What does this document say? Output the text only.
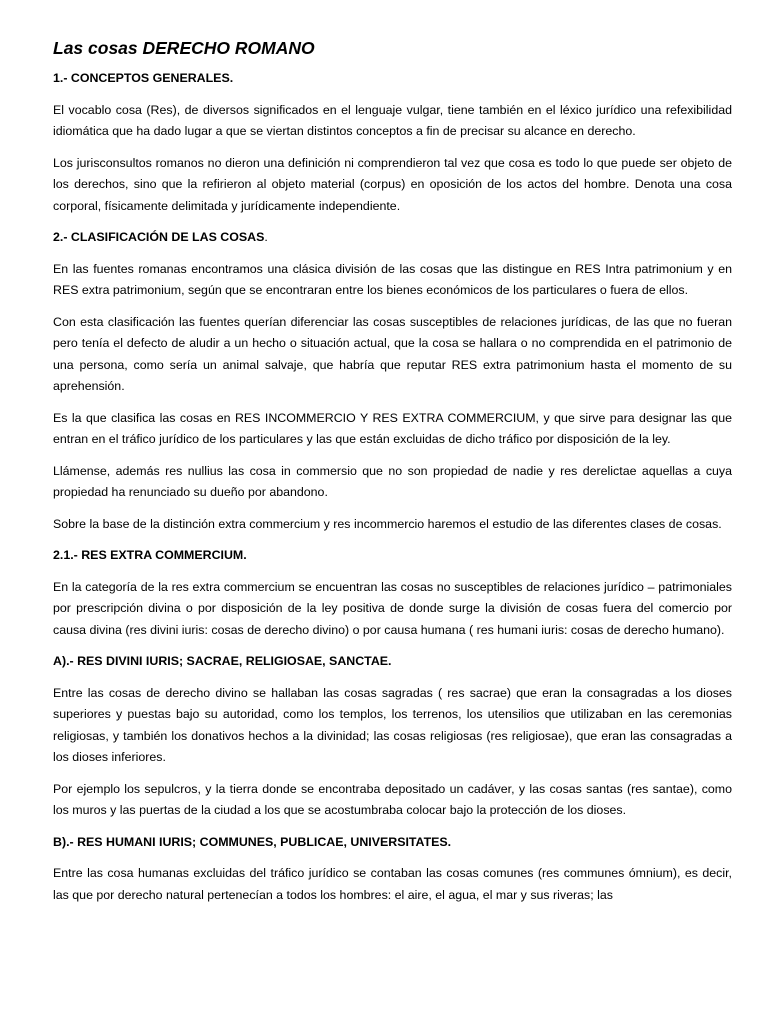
Las cosas DERECHO ROMANO
1.- CONCEPTOS GENERALES.

El vocablo cosa (Res), de diversos significados en el lenguaje vulgar, tiene también en el léxico jurídico una refexibilidad idiomática que ha dado lugar a que se viertan distintos conceptos a fin de precisar su alcance en derecho.

Los jurisconsultos romanos no dieron una definición ni comprendieron tal vez que cosa es todo lo que puede ser objeto de los derechos, sino que la refirieron al objeto material (corpus) en oposición de los actos del hombre. Denota una cosa corporal, físicamente delimitada y jurídicamente independiente.

2.- CLASIFICACIÓN DE LAS COSAS.

En las fuentes romanas encontramos una clásica división de las cosas que las distingue en RES Intra patrimonium y en RES extra patrimonium, según que se encontraran entre los bienes económicos de los particulares o fuera de ellos.

Con esta clasificación las fuentes querían diferenciar las cosas susceptibles de relaciones jurídicas, de las que no fueran pero tenía el defecto de aludir a un hecho o situación actual, que la cosa se hallara o no comprendida en el patrimonio de una persona, como sería un animal salvaje, que habría que reputar RES extra patrimonium hasta el momento de su aprehensión.

Es la que clasifica las cosas en RES INCOMMERCIO Y RES EXTRA COMMERCIUM, y que sirve para designar las que entran en el tráfico jurídico de los particulares y las que están excluidas de dicho tráfico por disposición de la ley.

Llámense, además res nullius las cosa in commersio que no son propiedad de nadie y res derelictae aquellas a cuya propiedad ha renunciado su dueño por abandono.

Sobre la base de la distinción extra commercium y res incommercio haremos el estudio de las diferentes clases de cosas.

2.1.- RES EXTRA COMMERCIUM.

En la categoría de la res extra commercium se encuentran las cosas no susceptibles de relaciones jurídico – patrimoniales por prescripción divina o por disposición de la ley positiva de donde surge la división de cosas fuera del comercio por causa divina (res divini iuris: cosas de derecho divino) o por causa humana ( res humani iuris: cosas de derecho humano).

A).- RES DIVINI IURIS; SACRAE, RELIGIOSAE, SANCTAE.

Entre las cosas de derecho divino se hallaban las cosas sagradas ( res sacrae) que eran la consagradas a los dioses superiores y puestas bajo su autoridad, como los templos, los terrenos, los utensilios que utilizaban en las ceremonias religiosas, y también los donativos hechos a la divinidad; las cosas religiosas (res religiosae), que eran las consagradas a los dioses inferiores.

Por ejemplo los sepulcros, y la tierra donde se encontraba depositado un cadáver, y las cosas santas (res santae), como los muros y las puertas de la ciudad a los que se acostumbraba colocar bajo la protección de los dioses.

B).- RES HUMANI IURIS; COMMUNES, PUBLICAE, UNIVERSITATES.

Entre las cosa humanas excluidas del tráfico jurídico se contaban las cosas comunes (res communes ómnium), es decir, las que por derecho natural pertenecían a todos los hombres: el aire, el agua, el mar y sus riveras; las
